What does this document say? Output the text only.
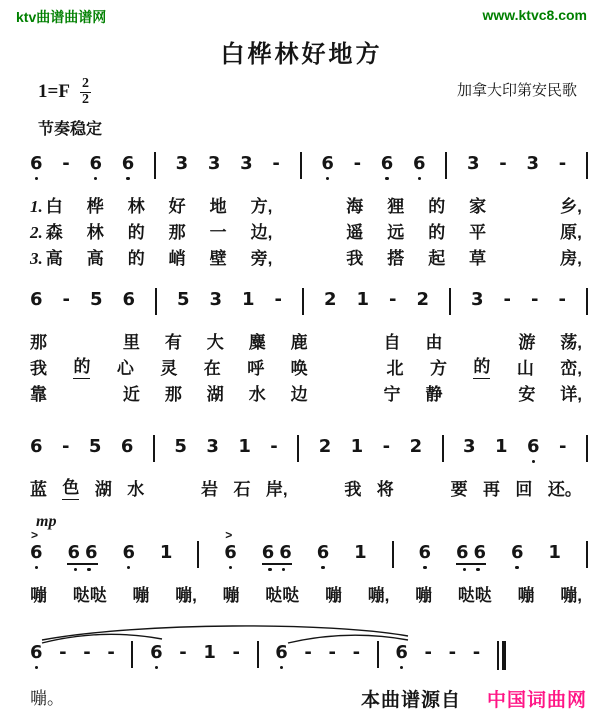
ktv曲谱曲谱网	www.ktvc8.com
白桦林好地方
$1=F \frac{2}{2}$	加拿大印第安民歌
节奏稳定
6 - 6 6 3 3 3 - 6 - 6 6 3 - 3 -
1. 白 桦 林 好 地 方,
	海 狸 的 家
	乡,
2. 森 林 的 那 一 边,
	遥 远 的 平
	原,
3. 高 高 的 峭 壁 旁,
	我 搭 起 草
	房,
6 - 5 6 5 3 1 - 2 1 - 2 3 - - -
那
	里 有 大 麋 鹿
	自 由
	游 荡,
我 的 心 灵 在 呼 唤
	北 方 的 山 峦,
靠
	近 那 湖 水 边
	宁 静
	安 详,
6 - 5 6 5 3 1 - 2 1 - 2 3 1 6 -
蓝 色 湖 水
	岩 石 岸,
	我 将
	要 再 回 还。
mp
>
6 6 6 6 1
>
6 6 6 6 1	6 6 6 6 1
嘣 哒哒 嘣 嘣, 嘣 哒哒 嘣 嘣, 嘣 哒哒 嘣 嘣,
6 - - - 6 - 1 - 6 - - - 6 - - -
嘣。	本曲谱源自 中国词曲网
